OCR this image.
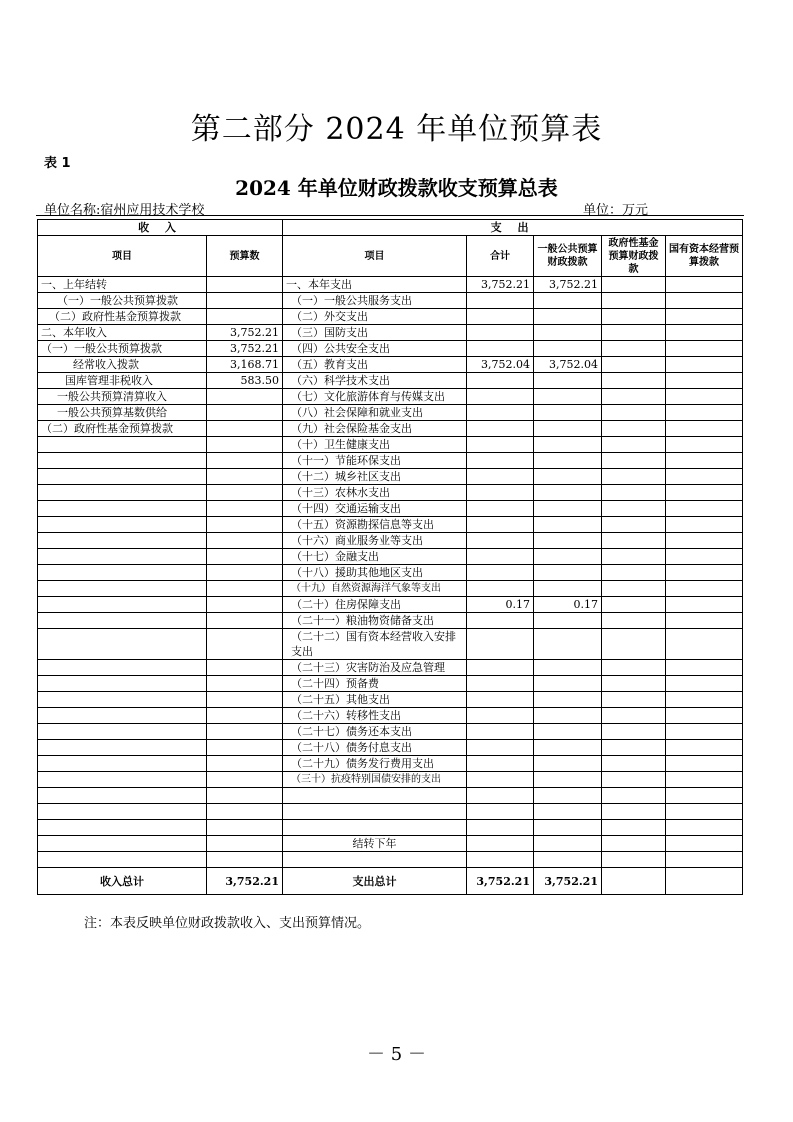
第二部分 2024 年单位预算表
表 1
2024 年单位财政拨款收支预算总表
单位名称:宿州应用技术学校	单位：万元
收 入		支 出				
项目	预算数	项目	合计	一般公共预算财政拨款	政府性基金预算财政拨款	国有资本经营预算拨款
一、上年结转		一、本年支出	3,752.21	3,752.21		
（一）一般公共预算拨款		（一）一般公共服务支出				
（二）政府性基金预算拨款		（二）外交支出				
二、本年收入	3,752.21	（三）国防支出				
（一）一般公共预算拨款	3,752.21	（四）公共安全支出				
经常收入拨款	3,168.71	（五）教育支出	3,752.04	3,752.04		
国库管理非税收入	583.50	（六）科学技术支出				
一般公共预算清算收入		（七）文化旅游体育与传媒支出				
一般公共预算基数供给		（八）社会保障和就业支出				
（二）政府性基金预算拨款		（九）社会保险基金支出				
		（十）卫生健康支出				
		（十一）节能环保支出				
		（十二）城乡社区支出				
		（十三）农林水支出				
		（十四）交通运输支出				
		（十五）资源勘探信息等支出				
		（十六）商业服务业等支出				
		（十七）金融支出				
		（十八）援助其他地区支出				
		（十九）自然资源海洋气象等支出				
		（二十）住房保障支出	0.17	0.17		
		（二十一）粮油物资储备支出				
		（二十二）国有资本经营收入安排支出				
		（二十三）灾害防治及应急管理				
		（二十四）预备费				
		（二十五）其他支出				
		（二十六）转移性支出				
		（二十七）债务还本支出				
		（二十八）债务付息支出				
		（二十九）债务发行费用支出				
		（三十）抗疫特别国债安排的支出				

		结转下年				

收入总计	3,752.21	支出总计	3,752.21	3,752.21		
注：本表反映单位财政拨款收入、支出预算情况。
－ 5 －
